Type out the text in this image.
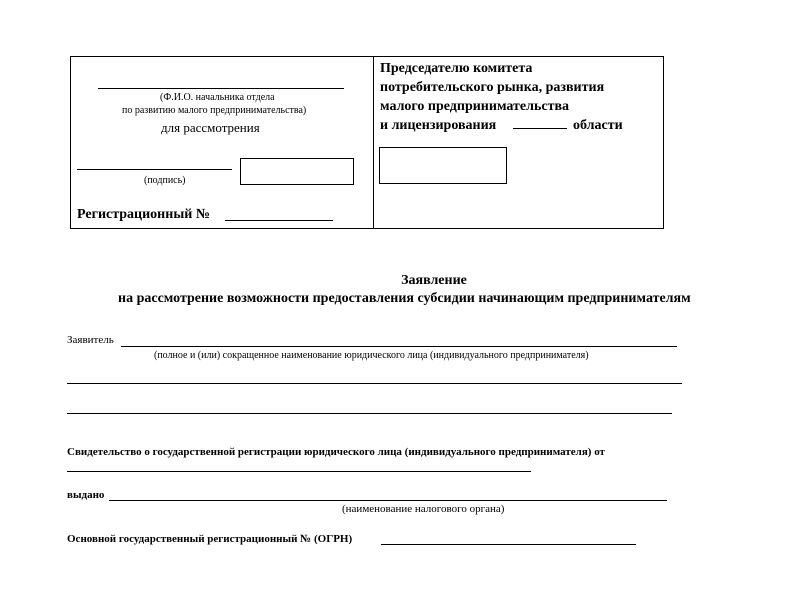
(Ф.И.О. начальника отдела
по развитию малого предпринимательства)
для рассмотрения
(подпись)
Регистрационный №
Председателю комитета
потребительского рынка, развития
малого предпринимательства
и лицензирования	области
Заявление
на рассмотрение возможности предоставления субсидии начинающим предпринимателям
Заявитель
(полное и (или) сокращенное наименование юридического лица (индивидуального предпринимателя)
Свидетельство о государственной регистрации юридического лица (индивидуального предпринимателя) от
выдано
(наименование налогового органа)
Основной государственный регистрационный № (ОГРН)
